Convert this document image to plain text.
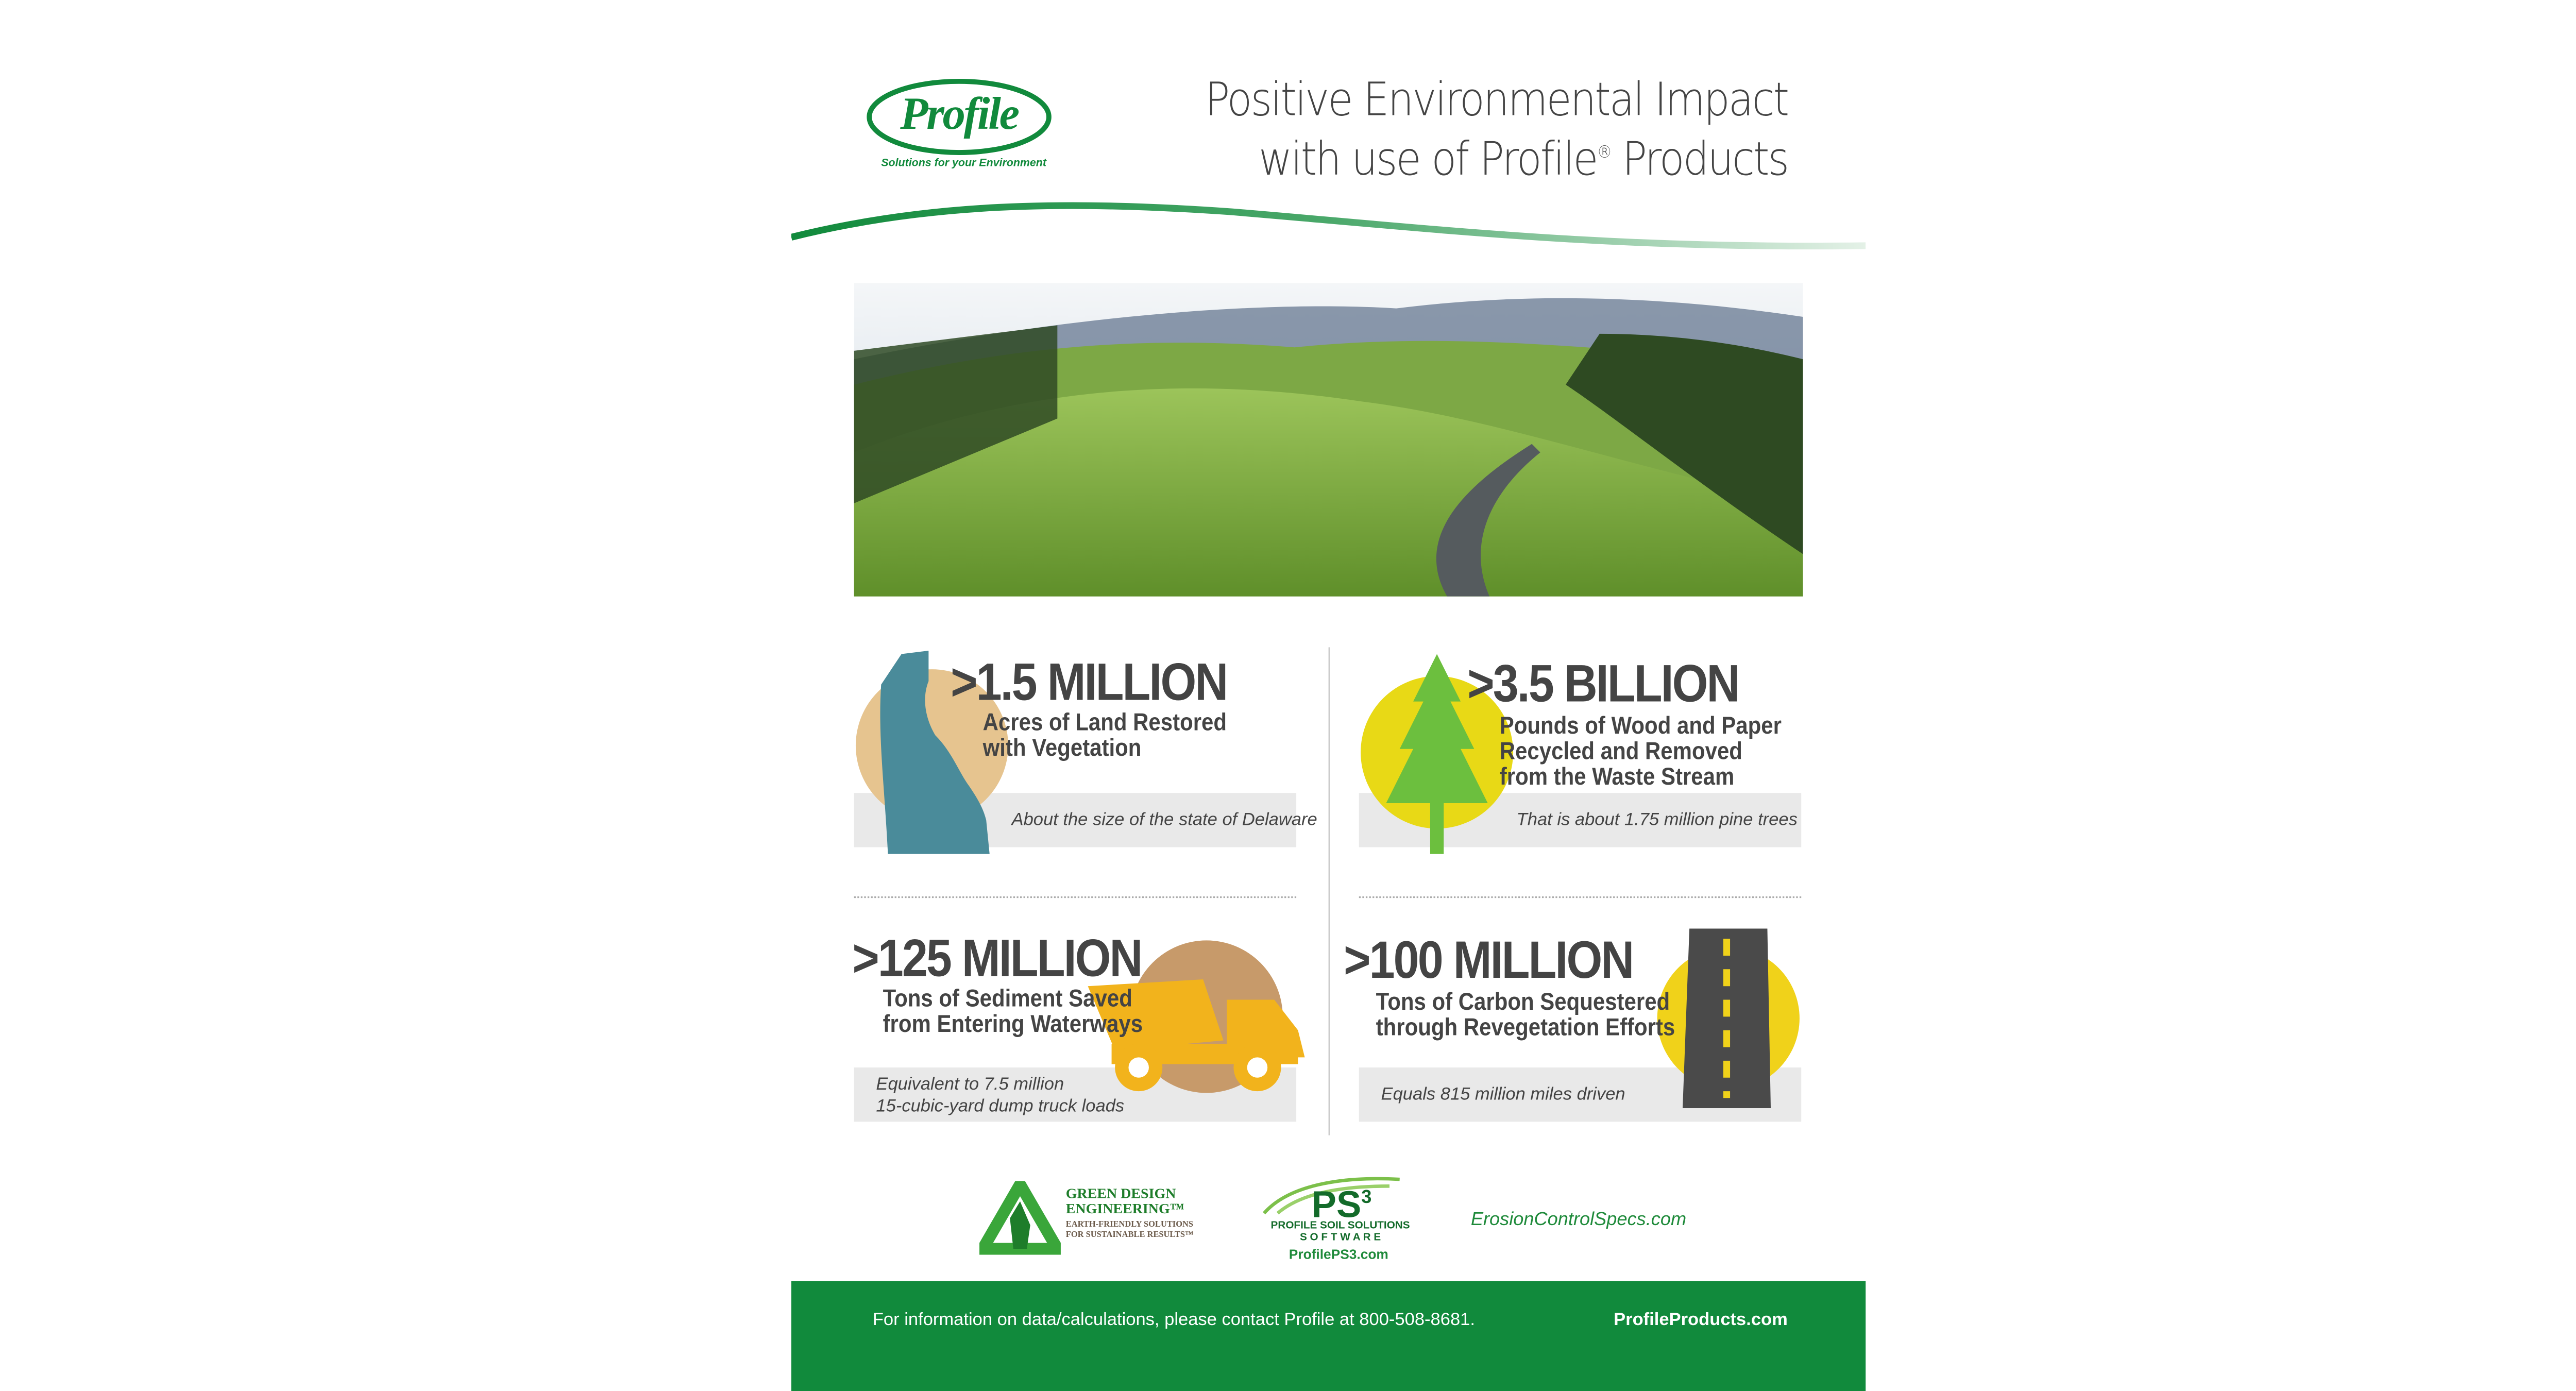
Profile
Solutions for your Environment
Positive Environmental Impact
with use of Profile® Products
>1.5 MILLION
Acres of Land Restored
with Vegetation
About the size of the state of Delaware
>3.5 BILLION
Pounds of Wood and Paper
Recycled and Removed
from the Waste Stream
That is about 1.75 million pine trees
>125 MILLION
Tons of Sediment Saved
from Entering Waterways
Equivalent to 7.5 million
15-cubic-yard dump truck loads
>100 MILLION
Tons of Carbon Sequestered
through Revegetation Efforts
Equals 815 million miles driven
GREEN DESIGN
ENGINEERING™
EARTH-FRIENDLY SOLUTIONS
FOR SUSTAINABLE RESULTS™
$PS^3$
PROFILE SOIL SOLUTIONS
S O F T W A R E
ProfilePS3.com
ErosionControlSpecs.com
For information on data/calculations, please contact Profile at 800-508-8681.	ProfileProducts.com
